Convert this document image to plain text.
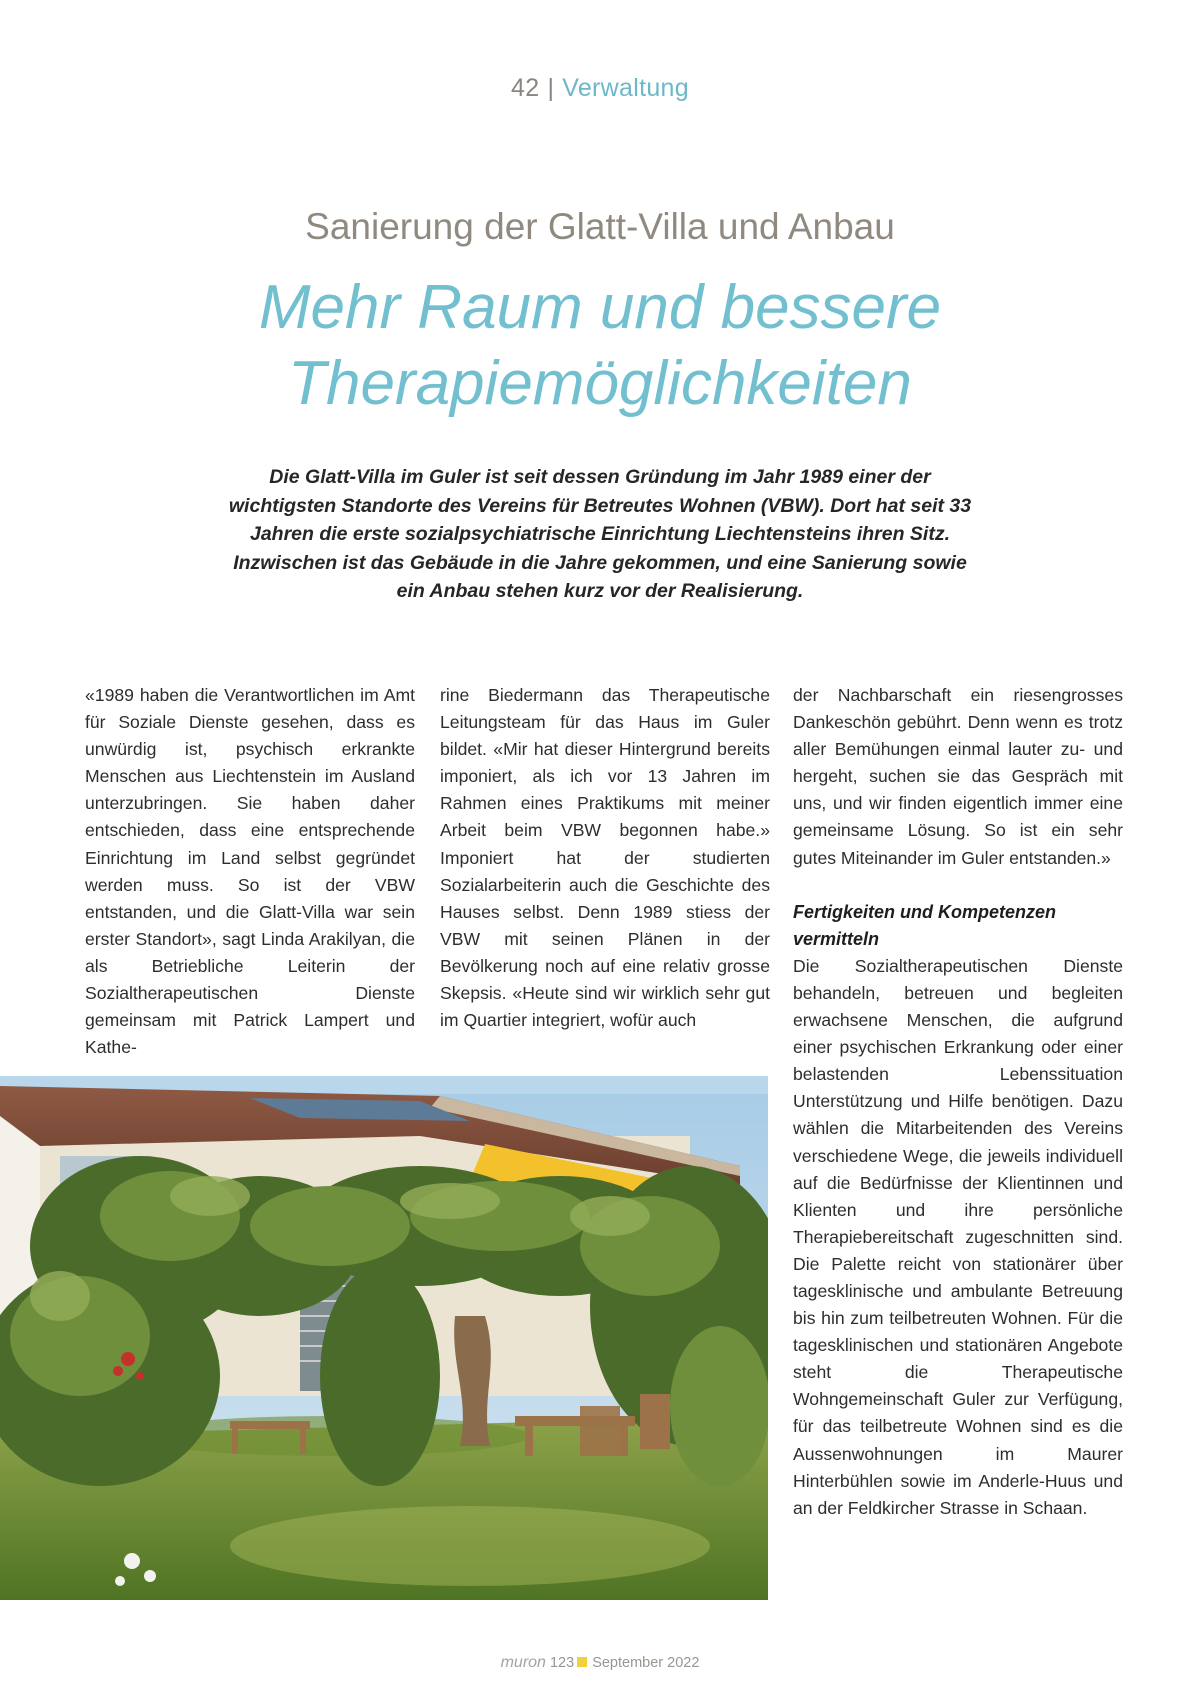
42 | Verwaltung
Sanierung der Glatt-Villa und Anbau
Mehr Raum und bessere
Therapiemöglichkeiten

Die Glatt-Villa im Guler ist seit dessen Gründung im Jahr 1989 einer der wichtigsten Standorte des Vereins für Betreutes Wohnen (VBW). Dort hat seit 33 Jahren die erste sozialpsychiatrische Einrichtung Liechtensteins ihren Sitz. Inzwischen ist das Gebäude in die Jahre gekommen, und eine Sanierung sowie ein Anbau stehen kurz vor der Realisierung.

«1989 haben die Verantwortlichen im Amt für Soziale Dienste gesehen, dass es unwürdig ist, psychisch erkrankte Menschen aus Liechtenstein im Ausland unterzubringen. Sie haben daher entschieden, dass eine entsprechende Einrichtung im Land selbst gegründet werden muss. So ist der VBW entstanden, und die Glatt-Villa war sein erster Standort», sagt Linda Arakilyan, die als Betriebliche Leiterin der Sozialtherapeutischen Dienste gemeinsam mit Patrick Lampert und Kathe-

rine Biedermann das Therapeutische Leitungsteam für das Haus im Guler bildet. «Mir hat dieser Hintergrund bereits imponiert, als ich vor 13 Jahren im Rahmen eines Praktikums mit meiner Arbeit beim VBW begonnen habe.» Imponiert hat der studierten Sozialarbeiterin auch die Geschichte des Hauses selbst. Denn 1989 stiess der VBW mit seinen Plänen in der Bevölkerung noch auf eine relativ grosse Skepsis. «Heute sind wir wirklich sehr gut im Quartier integriert, wofür auch

der Nachbarschaft ein riesengrosses Dankeschön gebührt. Denn wenn es trotz aller Bemühungen einmal lauter zu- und hergeht, suchen sie das Gespräch mit uns, und wir finden eigentlich immer eine gemeinsame Lösung. So ist ein sehr gutes Miteinander im Guler entstanden.»

Fertigkeiten und Kompetenzen vermitteln

Die Sozialtherapeutischen Dienste behandeln, betreuen und begleiten erwachsene Menschen, die aufgrund einer psychischen Erkrankung oder einer belastenden Lebenssituation Unterstützung und Hilfe benötigen. Dazu wählen die Mitarbeitenden des Vereins verschiedene Wege, die jeweils individuell auf die Bedürfnisse der Klientinnen und Klienten und ihre persönliche Therapiebereitschaft zugeschnitten sind. Die Palette reicht von stationärer über tagesklinische und ambulante Betreuung bis hin zum teilbetreuten Wohnen. Für die tagesklinischen und stationären Angebote steht die Therapeutische Wohngemeinschaft Guler zur Verfügung, für das teilbetreute Wohnen sind es die Aussenwohnungen im Maurer Hinterbühlen sowie im Anderle-Huus und an der Feldkircher Strasse in Schaan.

muron 123 September 2022
